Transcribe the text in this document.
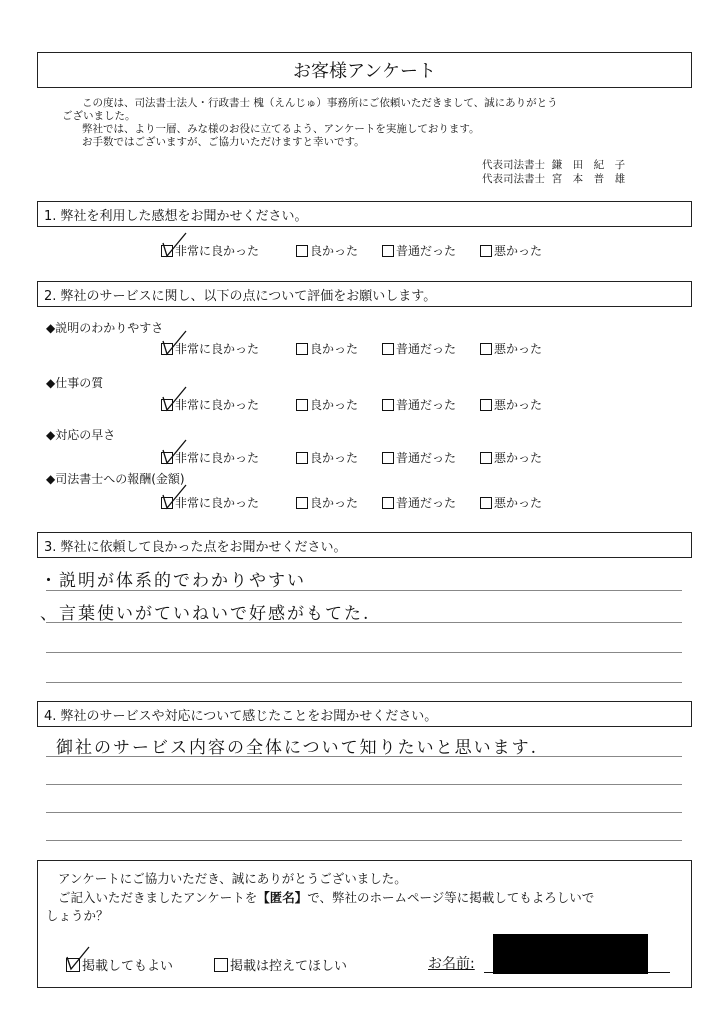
お客様アンケート

この度は、司法書士法人・行政書士 槐（えんじゅ）事務所にご依頼いただきまして、誠にありがとう

ございました。

弊社では、より一層、みな様のお役に立てるよう、アンケートを実施しております。

お手数ではございますが、ご協力いただけますと幸いです。

代表司法書士 鎌　田　紀　子
代表司法書士 宮　本　普　雄
1. 弊社を利用した感想をお聞かせください。
非常に良かった	良かった	普通だった	悪かった
2. 弊社のサービスに関し、以下の点について評価をお願いします。
◆説明のわかりやすさ
非常に良かった	良かった	普通だった	悪かった
◆仕事の質
非常に良かった	良かった	普通だった	悪かった
◆対応の早さ
非常に良かった	良かった	普通だった	悪かった
◆司法書士への報酬(金額)
非常に良かった	良かった	普通だった	悪かった
3. 弊社に依頼して良かった点をお聞かせください。
・説明が体系的でわかりやすい
、言葉使いがていねいで好感がもてた.
4. 弊社のサービスや対応について感じたことをお聞かせください。
御社のサービス内容の全体について知りたいと思います.
アンケートにご協力いただき、誠にありがとうございました。
ご記入いただきましたアンケートを【匿名】で、弊社のホームページ等に掲載してもよろしいで
しょうか？
掲載してもよい	掲載は控えてほしい	お名前:
